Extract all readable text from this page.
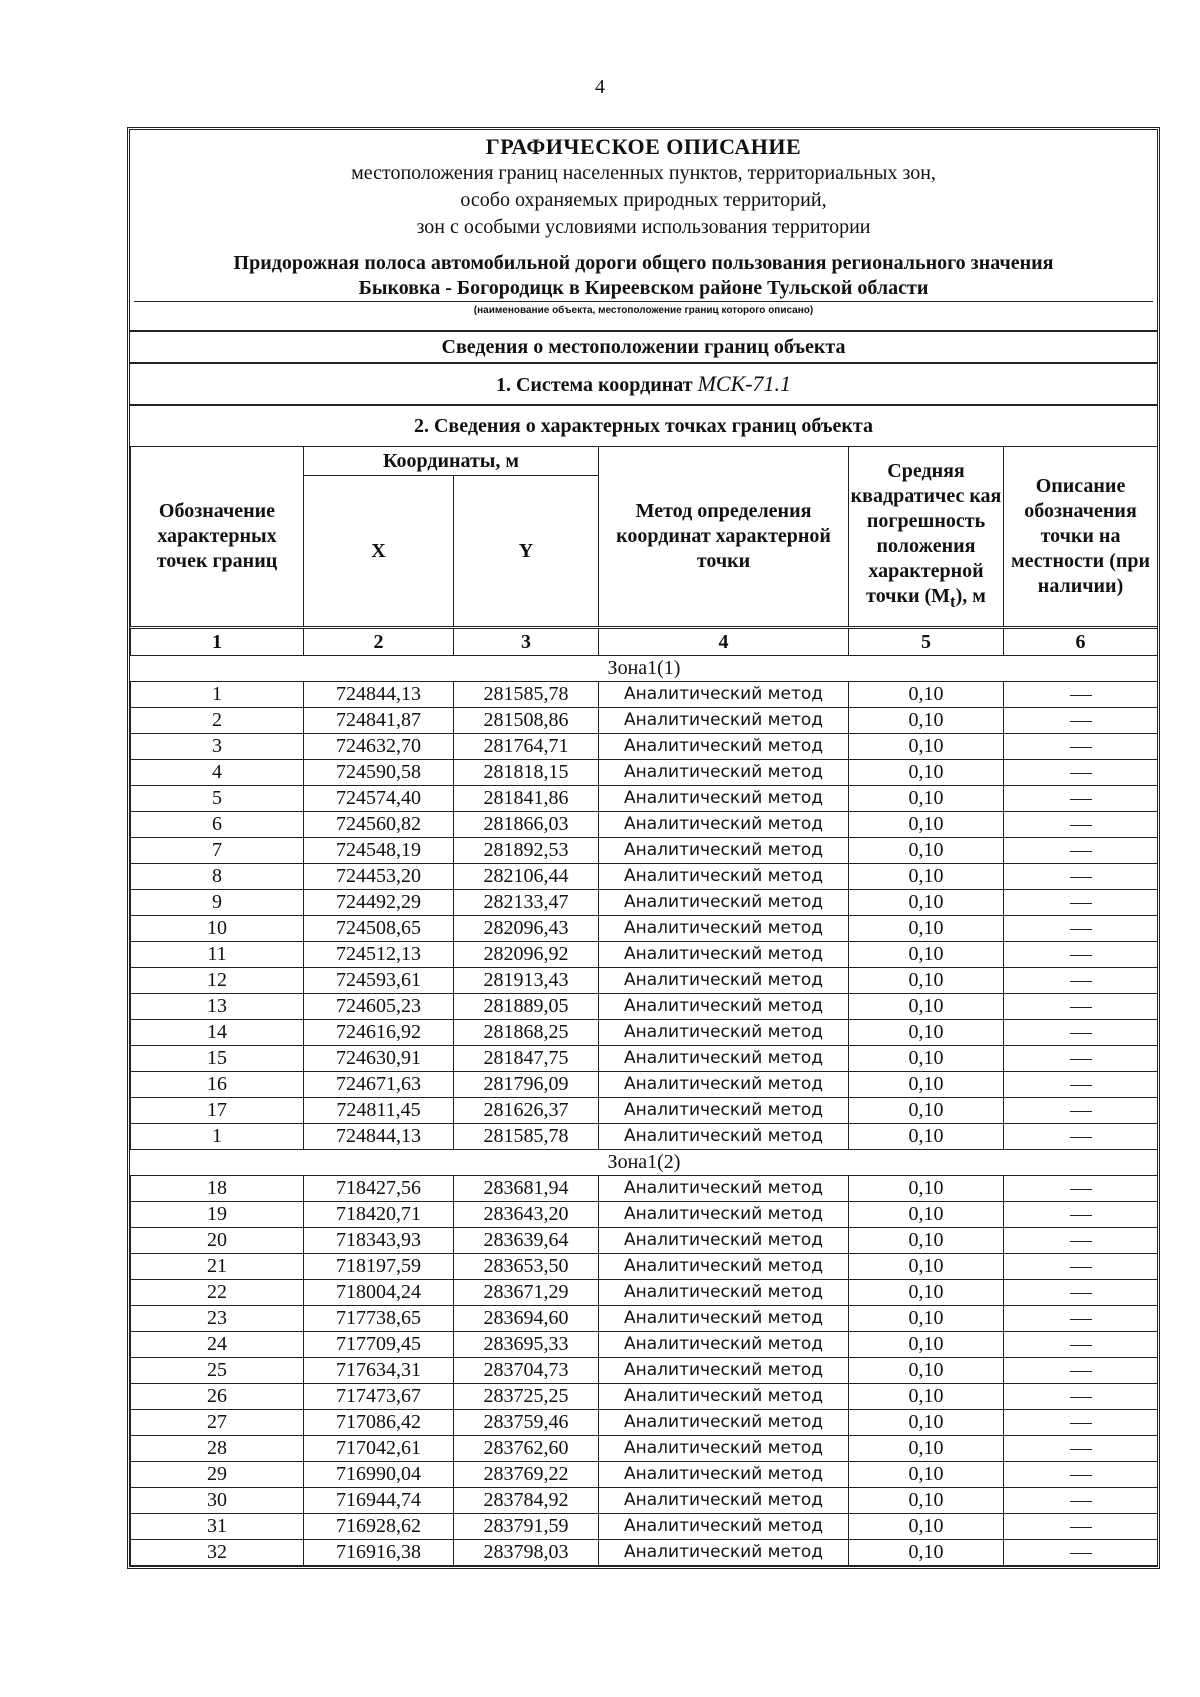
4
ГРАФИЧЕСКОЕ ОПИСАНИЕ
местоположения границ населенных пунктов, территориальных зон,
особо охраняемых природных территорий,
зон с особыми условиями использования территории
Придорожная полоса автомобильной дороги общего пользования регионального значения
Быковка - Богородицк в Киреевском районе Тульской области
(наименование объекта, местоположение границ которого описано)
Сведения о местоположении границ объекта
1. Система координат МСК-71.1
2. Сведения о характерных точках границ объекта
Обозначение характерных точек границ	Координаты, м		Метод определения координат характерной точки	Средняя квадратичес кая погрешность положения характерной точки $(M_t)$, м	Описание обозначения точки на местности (при наличии)
	X	Y			
1	2	3	4	5	6
Зона1(1)					
1	724844,13	281585,78	Аналитический метод	0,10	
2	724841,87	281508,86	Аналитический метод	0,10	
3	724632,70	281764,71	Аналитический метод	0,10	
4	724590,58	281818,15	Аналитический метод	0,10	
5	724574,40	281841,86	Аналитический метод	0,10	
6	724560,82	281866,03	Аналитический метод	0,10	
7	724548,19	281892,53	Аналитический метод	0,10	
8	724453,20	282106,44	Аналитический метод	0,10	
9	724492,29	282133,47	Аналитический метод	0,10	
10	724508,65	282096,43	Аналитический метод	0,10	
11	724512,13	282096,92	Аналитический метод	0,10	
12	724593,61	281913,43	Аналитический метод	0,10	
13	724605,23	281889,05	Аналитический метод	0,10	
14	724616,92	281868,25	Аналитический метод	0,10	
15	724630,91	281847,75	Аналитический метод	0,10	
16	724671,63	281796,09	Аналитический метод	0,10	
17	724811,45	281626,37	Аналитический метод	0,10	
1	724844,13	281585,78	Аналитический метод	0,10	
Зона1(2)					
18	718427,56	283681,94	Аналитический метод	0,10	
19	718420,71	283643,20	Аналитический метод	0,10	
20	718343,93	283639,64	Аналитический метод	0,10	
21	718197,59	283653,50	Аналитический метод	0,10	
22	718004,24	283671,29	Аналитический метод	0,10	
23	717738,65	283694,60	Аналитический метод	0,10	
24	717709,45	283695,33	Аналитический метод	0,10	
25	717634,31	283704,73	Аналитический метод	0,10	
26	717473,67	283725,25	Аналитический метод	0,10	
27	717086,42	283759,46	Аналитический метод	0,10	
28	717042,61	283762,60	Аналитический метод	0,10	
29	716990,04	283769,22	Аналитический метод	0,10	
30	716944,74	283784,92	Аналитический метод	0,10	
31	716928,62	283791,59	Аналитический метод	0,10	
32	716916,38	283798,03	Аналитический метод	0,10	
